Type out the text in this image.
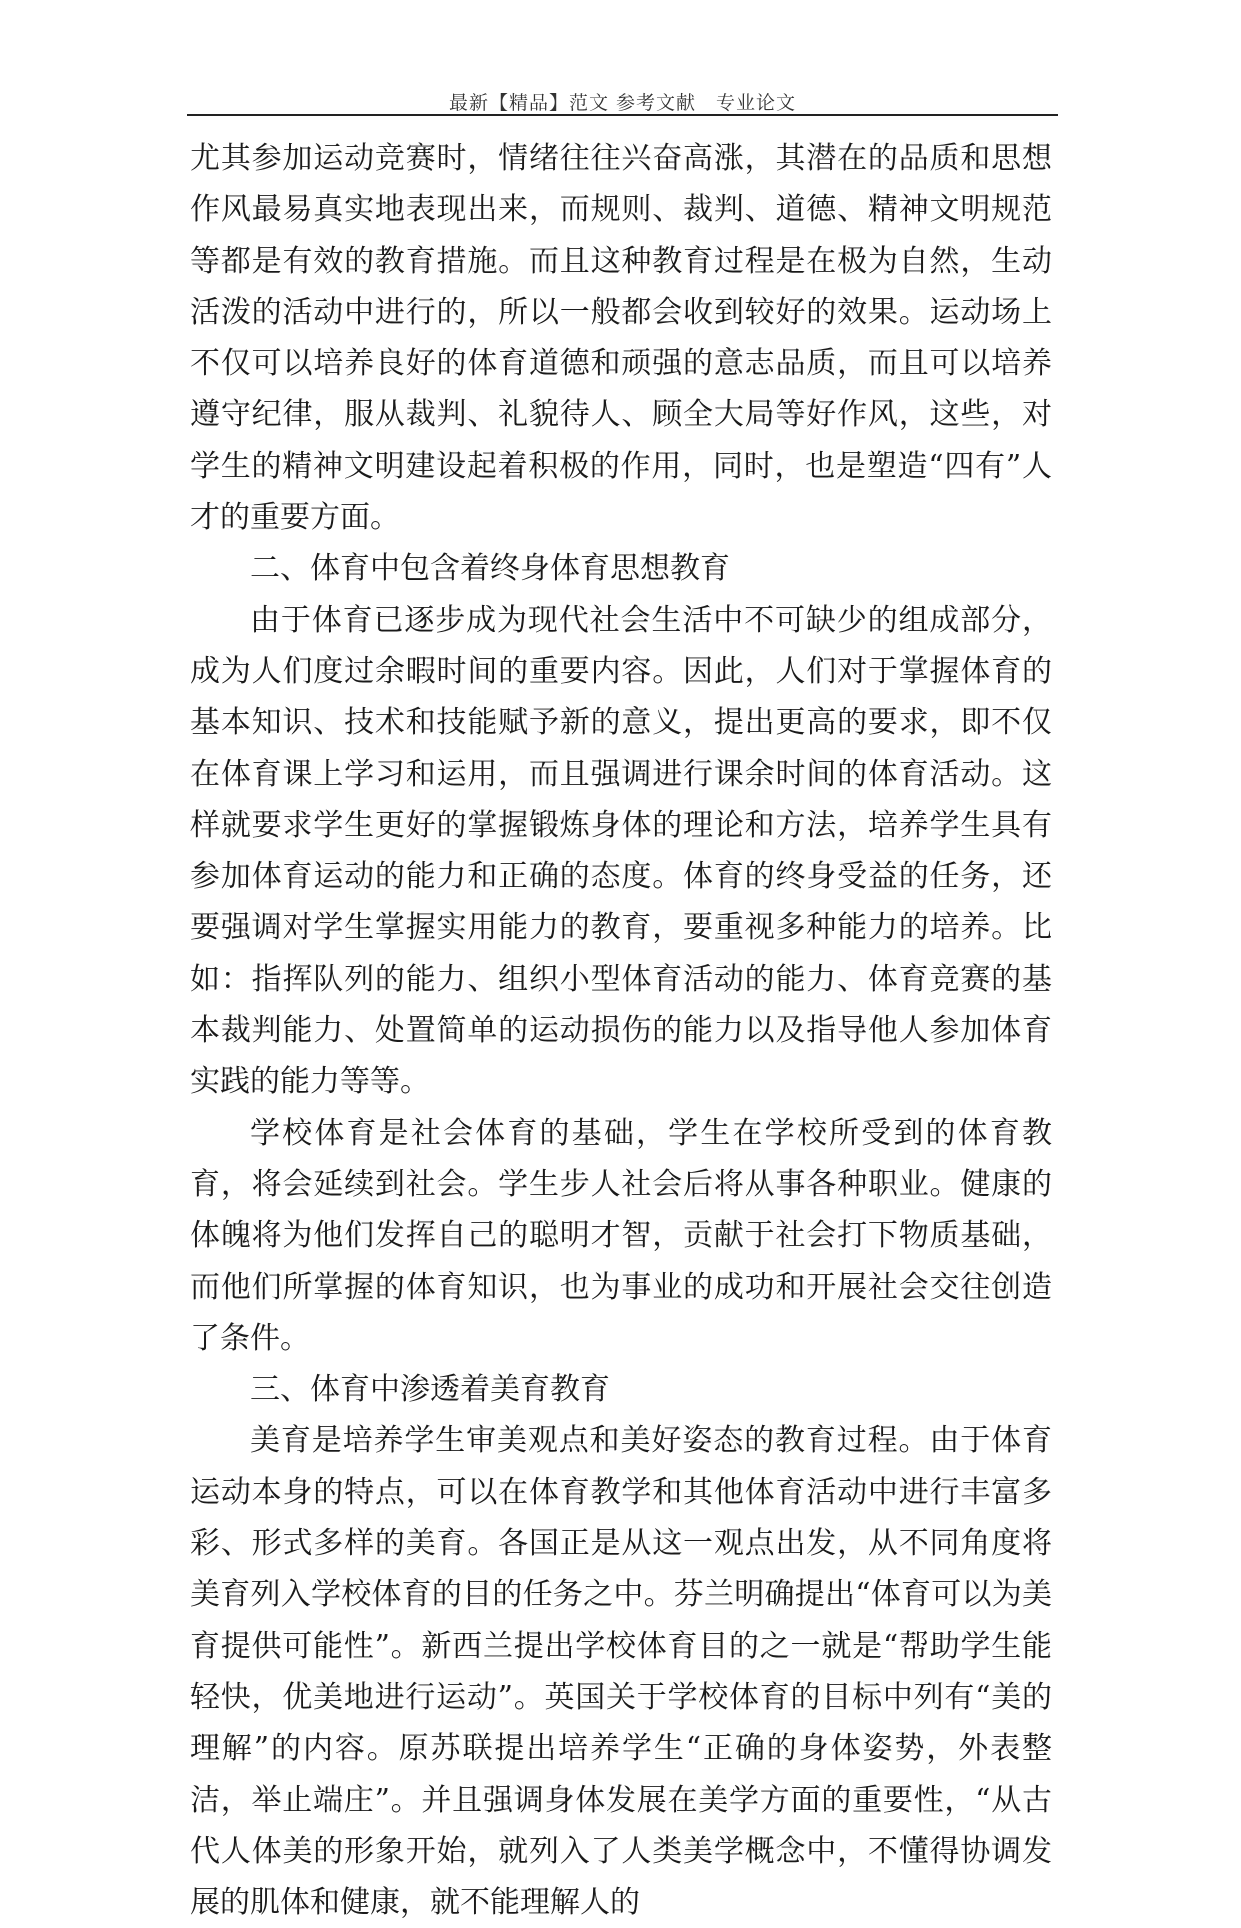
最新【精品】范文 参考文献　专业论文

尤其参加运动竞赛时，情绪往往兴奋高涨，其潜在的品质和思想作风最易真实地表现出来，而规则、裁判、道德、精神文明规范等都是有效的教育措施。而且这种教育过程是在极为自然，生动活泼的活动中进行的，所以一般都会收到较好的效果。运动场上不仅可以培养良好的体育道德和顽强的意志品质，而且可以培养遵守纪律，服从裁判、礼貌待人、顾全大局等好作风，这些，对学生的精神文明建设起着积极的作用，同时，也是塑造“四有”人才的重要方面。

二、体育中包含着终身体育思想教育

由于体育已逐步成为现代社会生活中不可缺少的组成部分，成为人们度过余暇时间的重要内容。因此，人们对于掌握体育的基本知识、技术和技能赋予新的意义，提出更高的要求，即不仅在体育课上学习和运用，而且强调进行课余时间的体育活动。这样就要求学生更好的掌握锻炼身体的理论和方法，培养学生具有参加体育运动的能力和正确的态度。体育的终身受益的任务，还要强调对学生掌握实用能力的教育，要重视多种能力的培养。比如：指挥队列的能力、组织小型体育活动的能力、体育竞赛的基本裁判能力、处置简单的运动损伤的能力以及指导他人参加体育实践的能力等等。

学校体育是社会体育的基础，学生在学校所受到的体育教育，将会延续到社会。学生步人社会后将从事各种职业。健康的体魄将为他们发挥自己的聪明才智，贡献于社会打下物质基础，而他们所掌握的体育知识，也为事业的成功和开展社会交往创造了条件。

三、体育中渗透着美育教育

美育是培养学生审美观点和美好姿态的教育过程。由于体育运动本身的特点，可以在体育教学和其他体育活动中进行丰富多彩、形式多样的美育。各国正是从这一观点出发，从不同角度将美育列入学校体育的目的任务之中。芬兰明确提出“体育可以为美育提供可能性”。新西兰提出学校体育目的之一就是“帮助学生能轻快，优美地进行运动”。英国关于学校体育的目标中列有“美的理解”的内容。原苏联提出培养学生“正确的身体姿势，外表整洁，举止端庄”。并且强调身体发展在美学方面的重要性，“从古代人体美的形象开始，就列入了人类美学概念中，不懂得协调发展的肌体和健康，就不能理解人的
